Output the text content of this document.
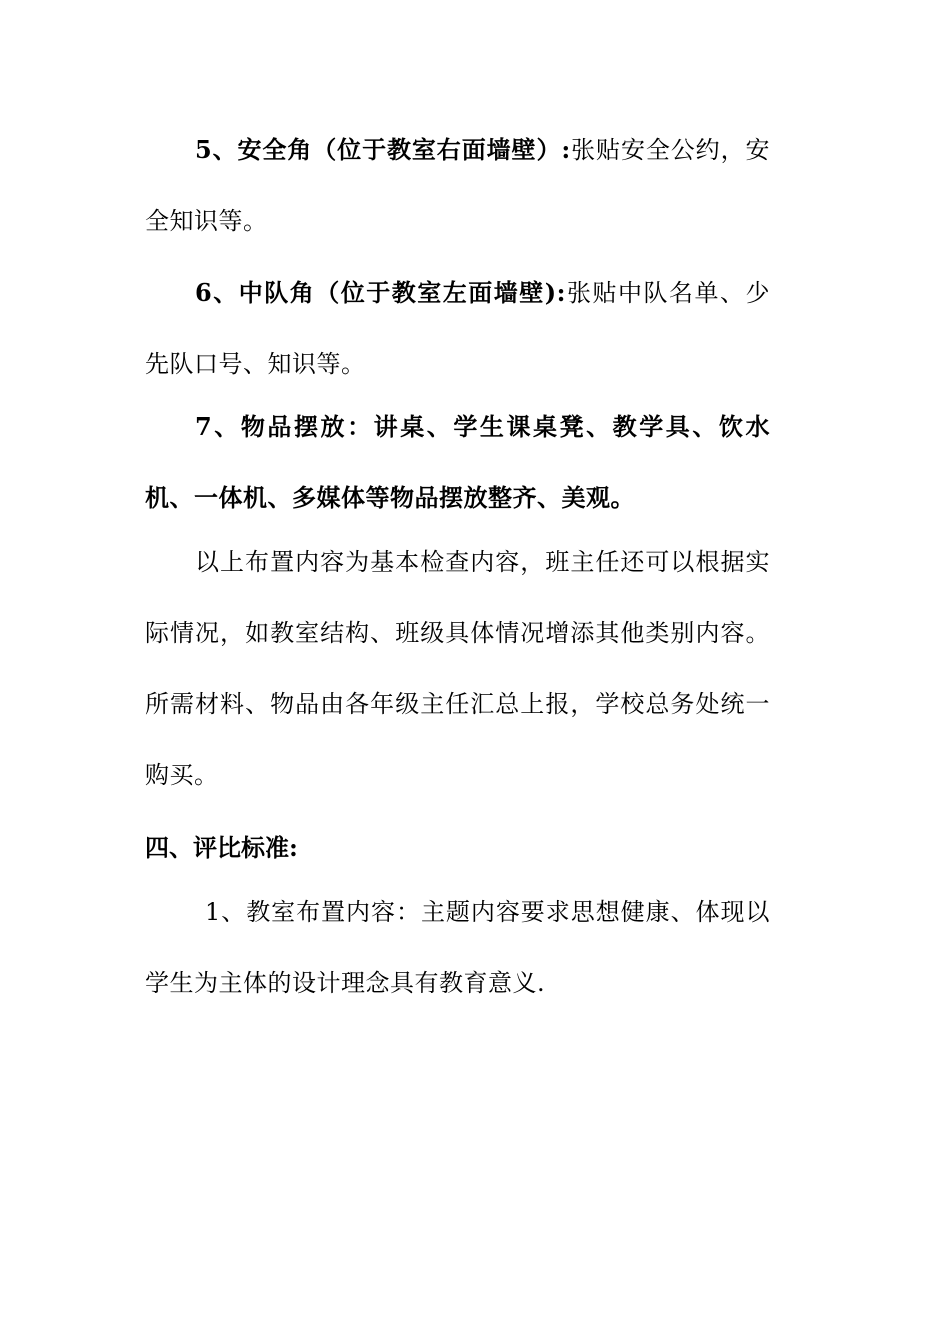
5、安全角（位于教室右面墙壁）:张贴安全公约，安全知识等。

6、中队角（位于教室左面墙壁):张贴中队名单、少先队口号、知识等。

7、物品摆放：讲桌、学生课桌凳、教学具、饮水机、一体机、多媒体等物品摆放整齐、美观。

以上布置内容为基本检查内容，班主任还可以根据实际情况，如教室结构、班级具体情况增添其他类别内容。所需材料、物品由各年级主任汇总上报，学校总务处统一购买。

四、评比标准:

1、教室布置内容：主题内容要求思想健康、体现以学生为主体的设计理念具有教育意义.
